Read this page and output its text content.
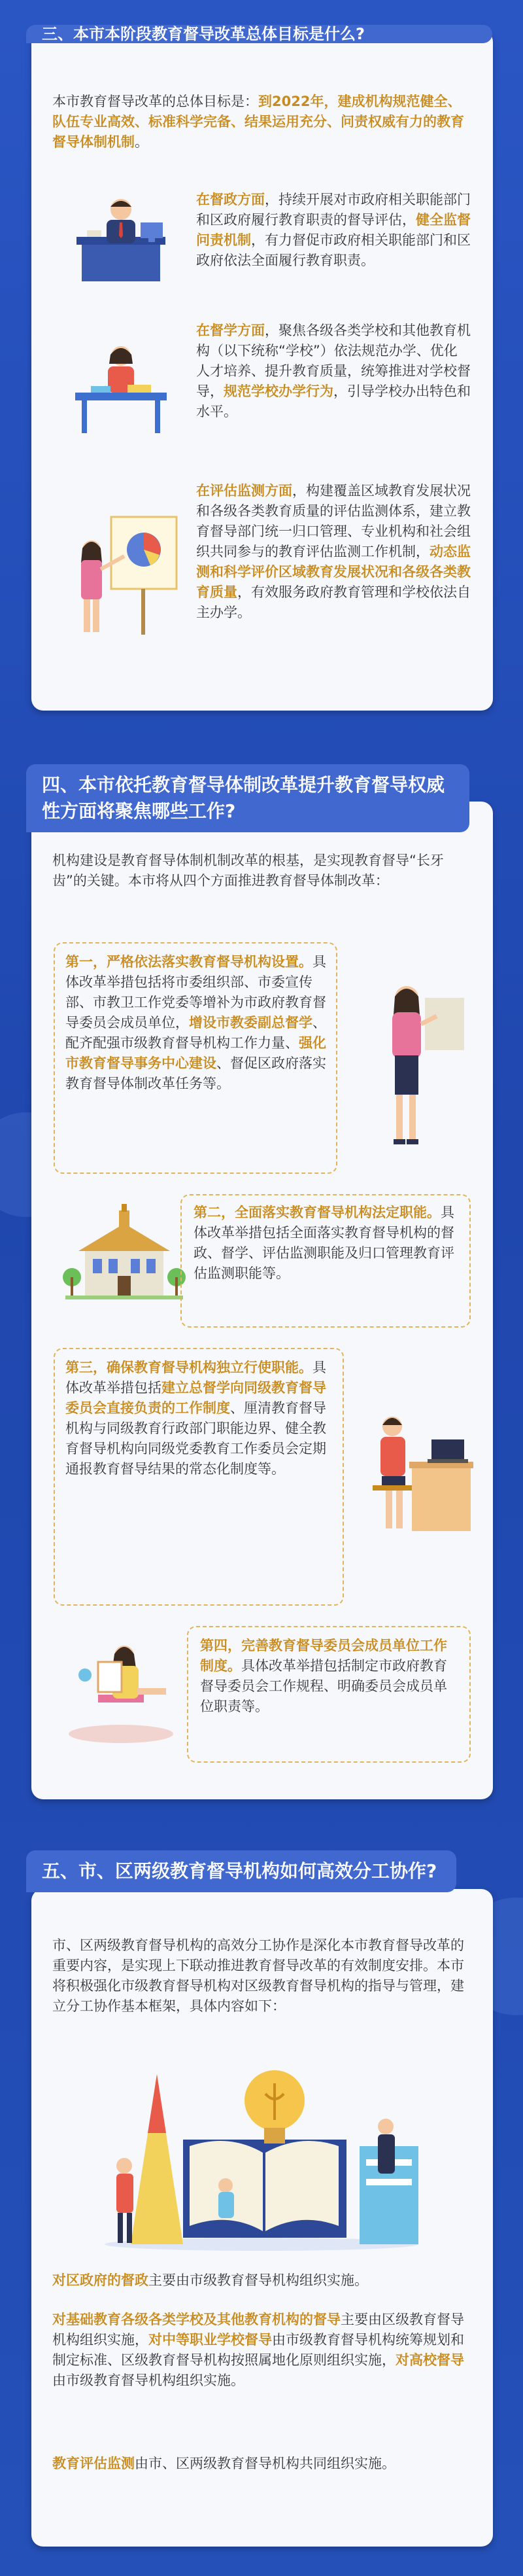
三、本市本阶段教育督导改革总体目标是什么?

本市教育督导改革的总体目标是：到2022年，建成机构规范健全、队伍专业高效、标准科学完备、结果运用充分、问责权威有力的教育督导体制机制。

在督政方面，持续开展对市政府相关职能部门和区政府履行教育职责的督导评估，健全监督问责机制，有力督促市政府相关职能部门和区政府依法全面履行教育职责。

在督学方面，聚焦各级各类学校和其他教育机构（以下统称“学校”）依法规范办学、优化人才培养、提升教育质量，统筹推进对学校督导，规范学校办学行为，引导学校办出特色和水平。

在评估监测方面，构建覆盖区域教育发展状况和各级各类教育质量的评估监测体系，建立教育督导部门统一归口管理、专业机构和社会组织共同参与的教育评估监测工作机制，动态监测和科学评价区域教育发展状况和各级各类教育质量，有效服务政府教育管理和学校依法自主办学。

四、本市依托教育督导体制改革提升教育督导权威性方面将聚焦哪些工作?

机构建设是教育督导体制机制改革的根基，是实现教育督导“长牙齿”的关键。本市将从四个方面推进教育督导体制改革：

第一，严格依法落实教育督导机构设置。具体改革举措包括将市委组织部、市委宣传部、市教卫工作党委等增补为市政府教育督导委员会成员单位，增设市教委副总督学、配齐配强市级教育督导机构工作力量、强化市教育督导事务中心建设、督促区政府落实教育督导体制改革任务等。

第二，全面落实教育督导机构法定职能。具体改革举措包括全面落实教育督导机构的督政、督学、评估监测职能及归口管理教育评估监测职能等。

第三，确保教育督导机构独立行使职能。具体改革举措包括建立总督学向同级教育督导委员会直接负责的工作制度、厘清教育督导机构与同级教育行政部门职能边界、健全教育督导机构向同级党委教育工作委员会定期通报教育督导结果的常态化制度等。

第四，完善教育督导委员会成员单位工作制度。具体改革举措包括制定市政府教育督导委员会工作规程、明确委员会成员单位职责等。

五、市、区两级教育督导机构如何高效分工协作?

市、区两级教育督导机构的高效分工协作是深化本市教育督导改革的重要内容，是实现上下联动推进教育督导改革的有效制度安排。本市将积极强化市级教育督导机构对区级教育督导机构的指导与管理，建立分工协作基本框架，具体内容如下：

对区政府的督政主要由市级教育督导机构组织实施。

对基础教育各级各类学校及其他教育机构的督导主要由区级教育督导机构组织实施，对中等职业学校督导由市级教育督导机构统筹规划和制定标准、区级教育督导机构按照属地化原则组织实施，对高校督导由市级教育督导机构组织实施。

教育评估监测由市、区两级教育督导机构共同组织实施。
